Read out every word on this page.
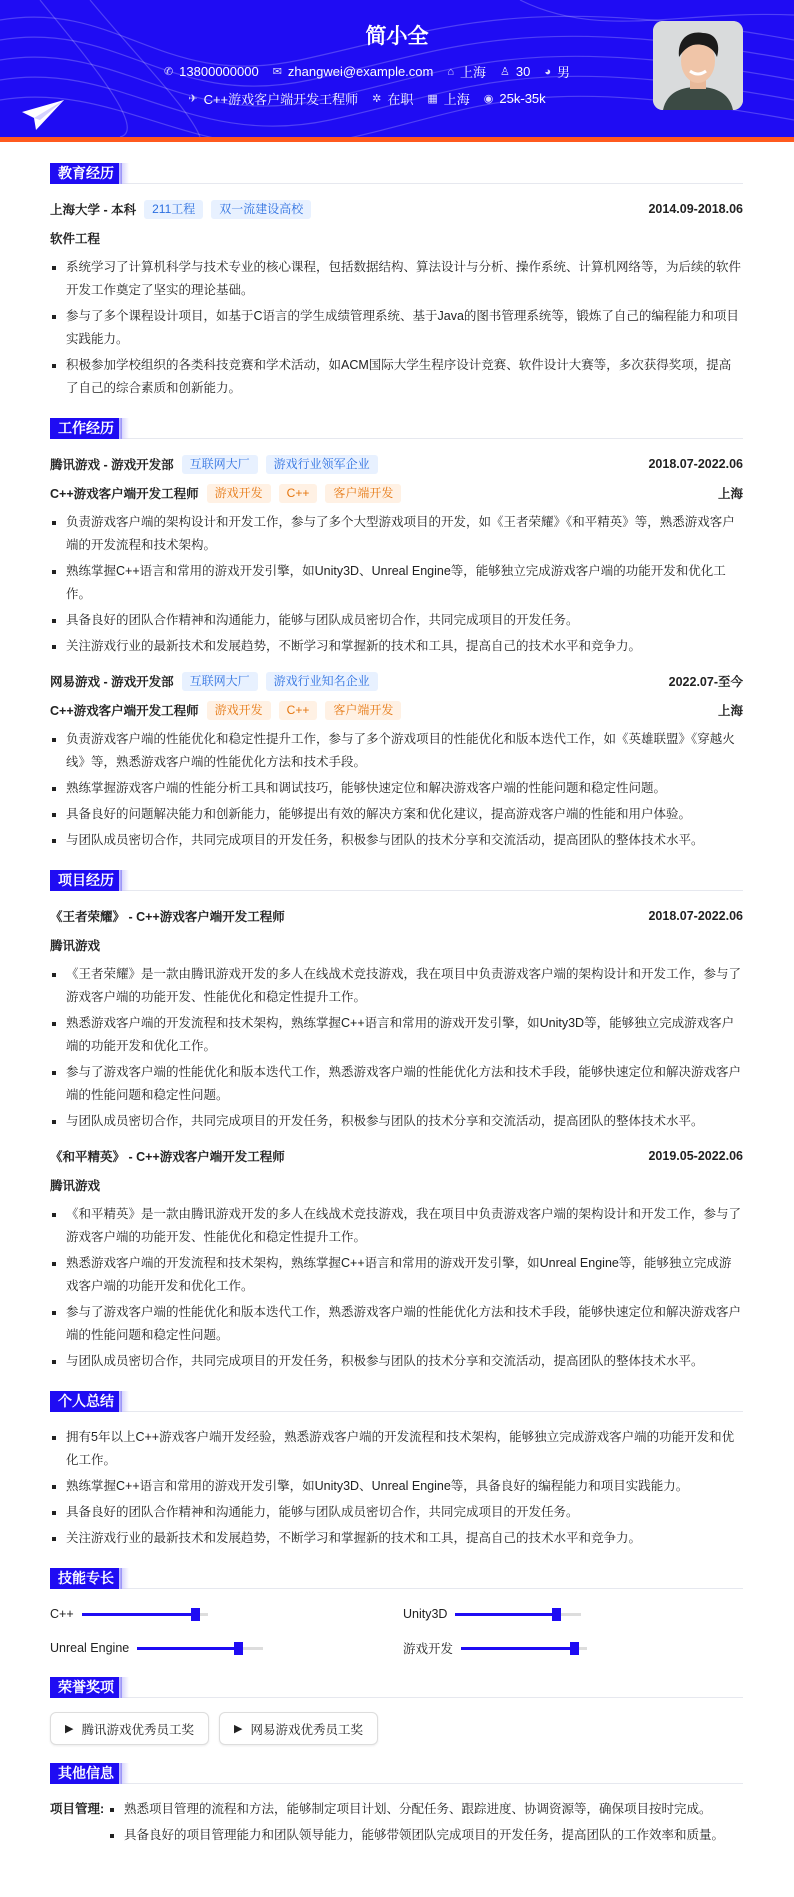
简小全
✆ 13800000000 ✉ zhangwei@example.com ⌂ 上海 ♙ 30 ◕ 男
✈ C++游戏客户端开发工程师 ✲ 在职 ▦ 上海 ◉ 25k-35k
教育经历
上海大学 - 本科	211工程	双一流建设高校	2014.09-2018.06
软件工程
系统学习了计算机科学与技术专业的核心课程，包括数据结构、算法设计与分析、操作系统、计算机网络等，为后续的软件开发工作奠定了坚实的理论基础。
参与了多个课程设计项目，如基于C语言的学生成绩管理系统、基于Java的图书管理系统等，锻炼了自己的编程能力和项目实践能力。
积极参加学校组织的各类科技竞赛和学术活动，如ACM国际大学生程序设计竞赛、软件设计大赛等，多次获得奖项，提高了自己的综合素质和创新能力。
工作经历
腾讯游戏 - 游戏开发部	互联网大厂	游戏行业领军企业	2018.07-2022.06
C++游戏客户端开发工程师	游戏开发	C++	客户端开发	上海
负责游戏客户端的架构设计和开发工作，参与了多个大型游戏项目的开发，如《王者荣耀》《和平精英》等，熟悉游戏客户端的开发流程和技术架构。
熟练掌握C++语言和常用的游戏开发引擎，如Unity3D、Unreal Engine等，能够独立完成游戏客户端的功能开发和优化工作。
具备良好的团队合作精神和沟通能力，能够与团队成员密切合作，共同完成项目的开发任务。
关注游戏行业的最新技术和发展趋势，不断学习和掌握新的技术和工具，提高自己的技术水平和竞争力。
网易游戏 - 游戏开发部	互联网大厂	游戏行业知名企业	2022.07-至今
C++游戏客户端开发工程师	游戏开发	C++	客户端开发	上海
负责游戏客户端的性能优化和稳定性提升工作，参与了多个游戏项目的性能优化和版本迭代工作，如《英雄联盟》《穿越火线》等，熟悉游戏客户端的性能优化方法和技术手段。
熟练掌握游戏客户端的性能分析工具和调试技巧，能够快速定位和解决游戏客户端的性能问题和稳定性问题。
具备良好的问题解决能力和创新能力，能够提出有效的解决方案和优化建议，提高游戏客户端的性能和用户体验。
与团队成员密切合作，共同完成项目的开发任务，积极参与团队的技术分享和交流活动，提高团队的整体技术水平。
项目经历
《王者荣耀》 - C++游戏客户端开发工程师	2018.07-2022.06
腾讯游戏
《王者荣耀》是一款由腾讯游戏开发的多人在线战术竞技游戏，我在项目中负责游戏客户端的架构设计和开发工作，参与了游戏客户端的功能开发、性能优化和稳定性提升工作。
熟悉游戏客户端的开发流程和技术架构，熟练掌握C++语言和常用的游戏开发引擎，如Unity3D等，能够独立完成游戏客户端的功能开发和优化工作。
参与了游戏客户端的性能优化和版本迭代工作，熟悉游戏客户端的性能优化方法和技术手段，能够快速定位和解决游戏客户端的性能问题和稳定性问题。
与团队成员密切合作，共同完成项目的开发任务，积极参与团队的技术分享和交流活动，提高团队的整体技术水平。
《和平精英》 - C++游戏客户端开发工程师	2019.05-2022.06
腾讯游戏
《和平精英》是一款由腾讯游戏开发的多人在线战术竞技游戏，我在项目中负责游戏客户端的架构设计和开发工作，参与了游戏客户端的功能开发、性能优化和稳定性提升工作。
熟悉游戏客户端的开发流程和技术架构，熟练掌握C++语言和常用的游戏开发引擎，如Unreal Engine等，能够独立完成游戏客户端的功能开发和优化工作。
参与了游戏客户端的性能优化和版本迭代工作，熟悉游戏客户端的性能优化方法和技术手段，能够快速定位和解决游戏客户端的性能问题和稳定性问题。
与团队成员密切合作，共同完成项目的开发任务，积极参与团队的技术分享和交流活动，提高团队的整体技术水平。
个人总结
拥有5年以上C++游戏客户端开发经验，熟悉游戏客户端的开发流程和技术架构，能够独立完成游戏客户端的功能开发和优化工作。
熟练掌握C++语言和常用的游戏开发引擎，如Unity3D、Unreal Engine等，具备良好的编程能力和项目实践能力。
具备良好的团队合作精神和沟通能力，能够与团队成员密切合作，共同完成项目的开发任务。
关注游戏行业的最新技术和发展趋势，不断学习和掌握新的技术和工具，提高自己的技术水平和竞争力。
技能专长
C++	Unity3D
Unreal Engine	游戏开发
荣誉奖项
▶ 腾讯游戏优秀员工奖	▶ 网易游戏优秀员工奖
其他信息
项目管理:	熟悉项目管理的流程和方法，能够制定项目计划、分配任务、跟踪进度、协调资源等，确保项目按时完成。
具备良好的项目管理能力和团队领导能力，能够带领团队完成项目的开发任务，提高团队的工作效率和质量。
